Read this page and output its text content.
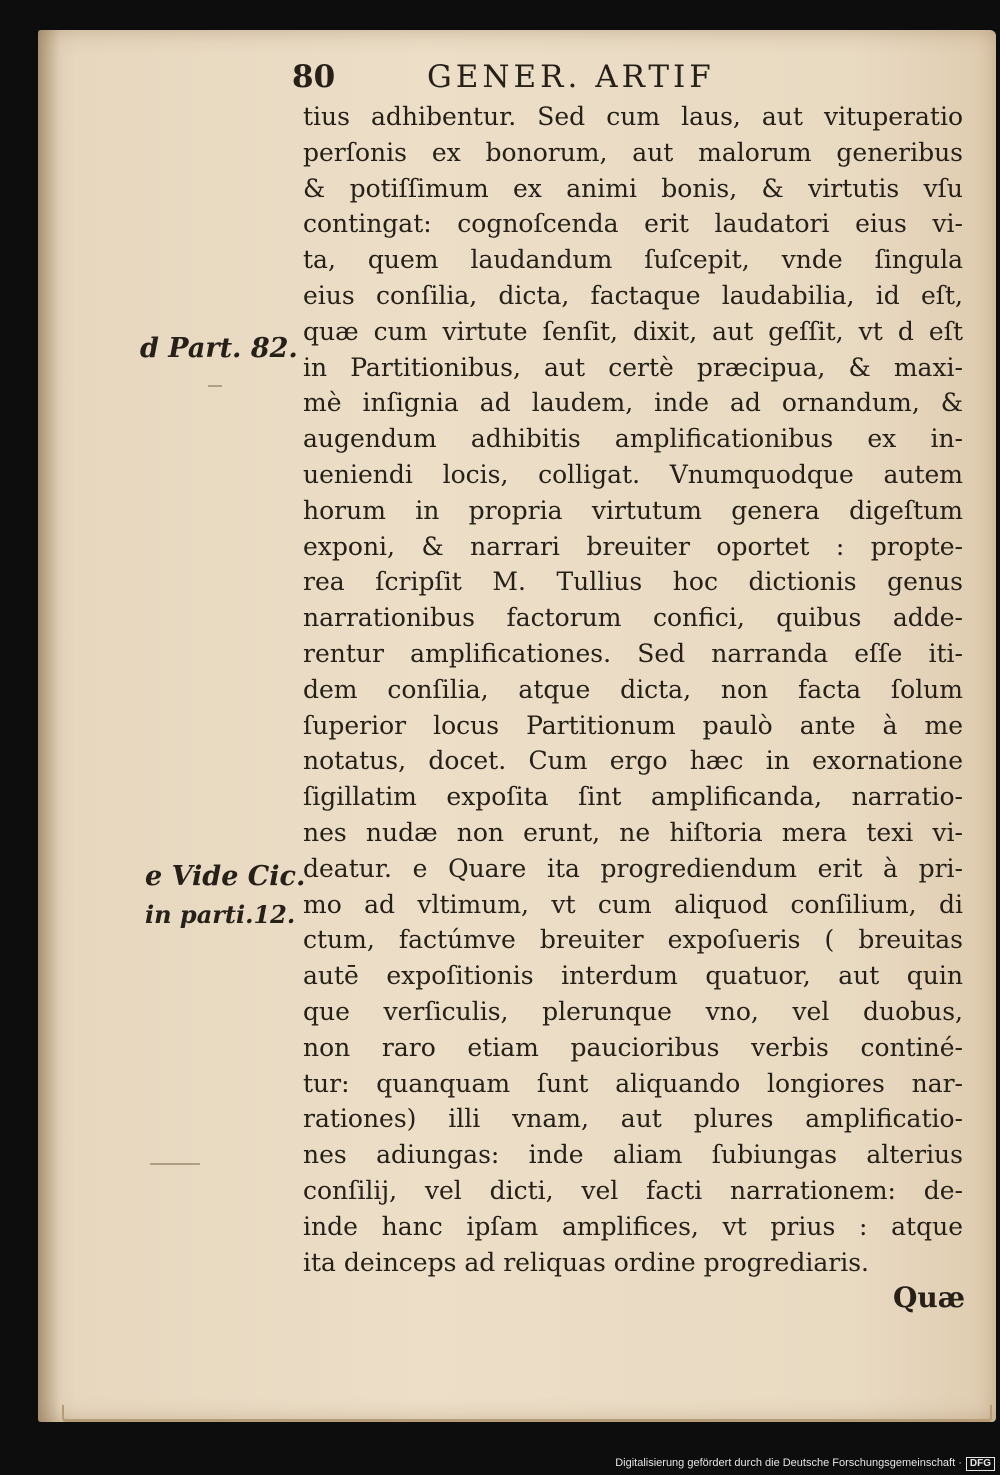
80	GENER. ARTIF
tius adhibentur. Sed cum laus, aut vituperatio
perſonis ex bonorum, aut malorum generibus
& potiſſimum ex animi bonis, & virtutis vſu
contingat: cognoſcenda erit laudatori eius vi-
ta, quem laudandum ſuſcepit, vnde ſingula
eius conſilia, dicta, factaque laudabilia, id eſt,
quæ cum virtute ſenſit, dixit, aut geſſit, vt d eſt
in Partitionibus, aut certè præcipua, & maxi-
mè inſignia ad laudem, inde ad ornandum, &
augendum adhibitis amplificationibus ex in-
ueniendi locis, colligat. Vnumquodque autem
horum in propria virtutum genera digeſtum
exponi, & narrari breuiter oportet : propte-
rea ſcripſit M. Tullius hoc dictionis genus
narrationibus factorum confici, quibus adde-
rentur amplificationes. Sed narranda eſſe iti-
dem conſilia, atque dicta, non facta ſolum
ſuperior locus Partitionum paulò ante à me
notatus, docet. Cum ergo hæc in exornatione
ſigillatim expoſita ſint amplificanda, narratio-
nes nudæ non erunt, ne hiſtoria mera texi vi-
deatur. e Quare ita progrediendum erit à pri-
mo ad vltimum, vt cum aliquod conſilium, di
ctum, factúmve breuiter expoſueris ( breuitas
autē expoſitionis interdum quatuor, aut quin
que verſiculis, plerunque vno, vel duobus,
non raro etiam paucioribus verbis continé-
tur: quanquam ſunt aliquando longiores nar-
rationes) illi vnam, aut plures amplificatio-
nes adiungas: inde aliam ſubiungas alterius
conſilij, vel dicti, vel facti narrationem: de-
inde hanc ipſam amplifices, vt prius : atque
ita deinceps ad reliquas ordine progrediaris.
d Part. 82.
e Vide Cic.
in parti.12.
Quæ
Digitalisierung gefördert durch die Deutsche Forschungsgemeinschaft · DFG
